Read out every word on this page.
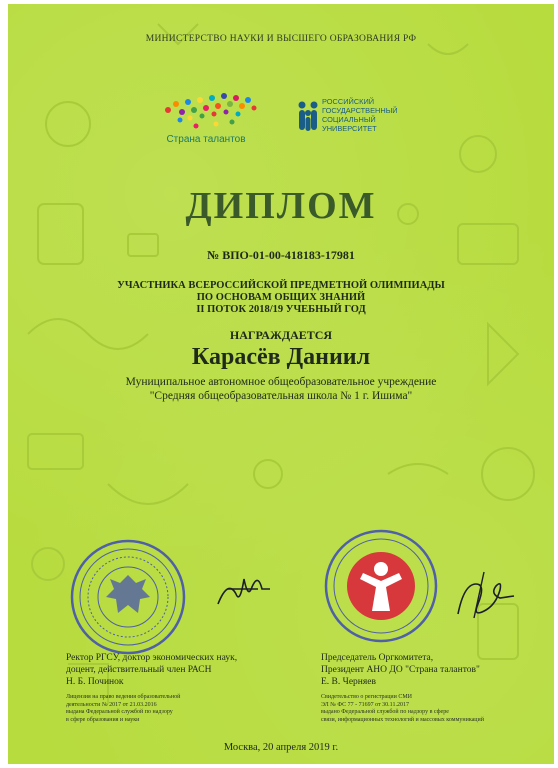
МИНИСТЕРСТВО НАУКИ И ВЫСШЕГО ОБРАЗОВАНИЯ РФ
Страна талантов
РОССИЙСКИЙ
ГОСУДАРСТВЕННЫЙ
СОЦИАЛЬНЫЙ
УНИВЕРСИТЕТ
ДИПЛОМ
№ ВПО-01-00-418183-17981
УЧАСТНИКА ВСЕРОССИЙСКОЙ ПРЕДМЕТНОЙ ОЛИМПИАДЫ
ПО ОСНОВАМ ОБЩИХ ЗНАНИЙ
II ПОТОК 2018/19 УЧЕБНЫЙ ГОД
НАГРАЖДАЕТСЯ
Карасёв Даниил
Муниципальное автономное общеобразовательное учреждение
"Средняя общеобразовательная школа № 1 г. Ишима"
Ректор РГСУ, доктор экономических наук,
доцент, действительный член РАСН
Н. Б. Починок
Председатель Оргкомитета,
Президент АНО ДО "Страна талантов"
Е. В. Черняев
Лицензия на право ведения образовательной
деятельности № 2017 от 21.03.2016
выдана Федеральной службой по надзору
в сфере образования и науки
Свидетельство о регистрации СМИ
ЭЛ № ФС 77 - 71697 от 30.11.2017
выдано Федеральной службой по надзору в сфере
связи, информационных технологий и массовых коммуникаций
Москва, 20 апреля 2019 г.
